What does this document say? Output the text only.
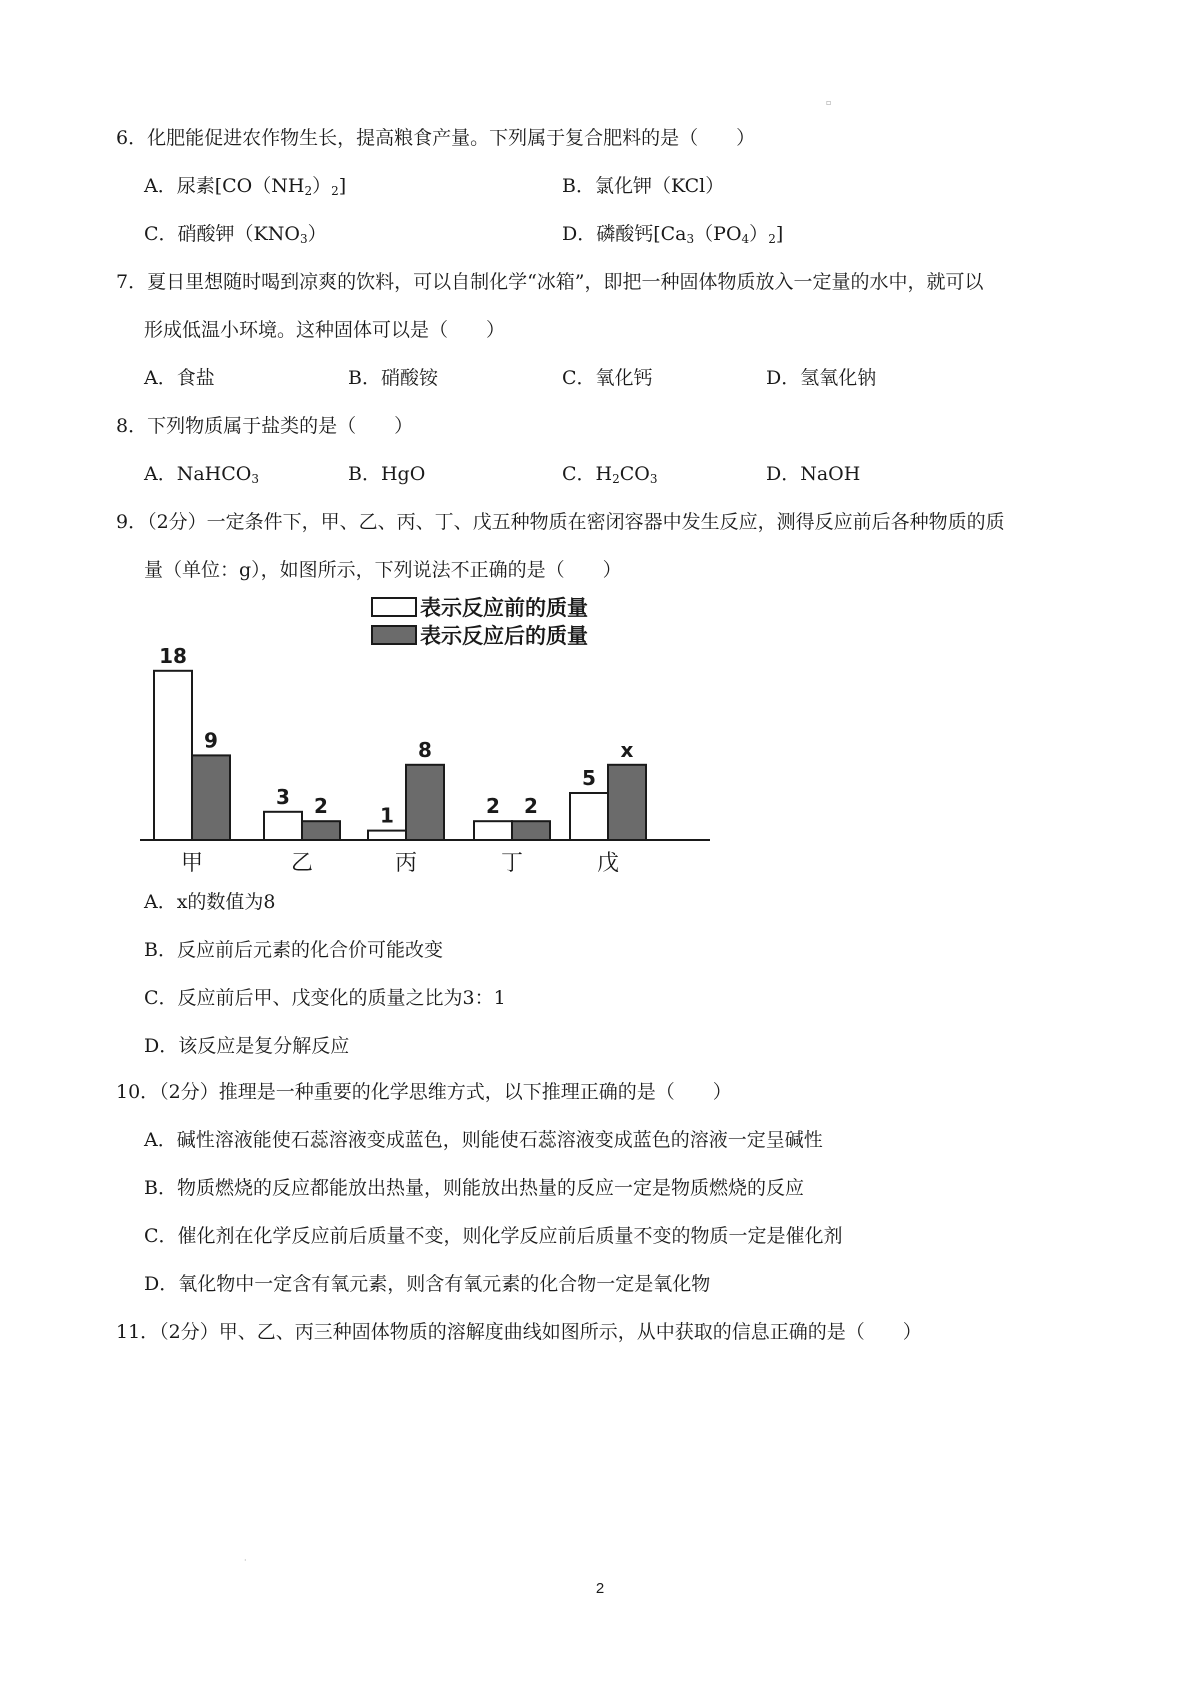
▫
6．化肥能促进农作物生长，提高粮食产量。下列属于复合肥料的是（　　）
A．尿素$[CO(NH_2)_2]$	B．氯化钾（KCl）
C．硝酸钾$(KNO_3)$	D．磷酸钙$[Ca_3(PO_4)_2]$
7．夏日里想随时喝到凉爽的饮料，可以自制化学“冰箱”，即把一种固体物质放入一定量的水中，就可以
形成低温小环境。这种固体可以是（　　）
A．食盐	B．硝酸铵	C．氧化钙	D．氢氧化钠
8．下列物质属于盐类的是（　　）
A．NaHCO$_3$	B．HgO	C．$H_2CO_3$	D．NaOH
9．（2分）一定条件下，甲、乙、丙、丁、戊五种物质在密闭容器中发生反应，测得反应前后各种物质的质
量（单位：g），如图所示，下列说法不正确的是（　　）
18
9
3 2	1
8
2 2
5
x
甲	乙	丙	丁	戊
表示反应前的质量
表示反应后的质量
A．x的数值为8
B．反应前后元素的化合价可能改变
C．反应前后甲、戊变化的质量之比为3：1
D．该反应是复分解反应
10．（2分）推理是一种重要的化学思维方式，以下推理正确的是（　　）
A．碱性溶液能使石蕊溶液变成蓝色，则能使石蕊溶液变成蓝色的溶液一定呈碱性
B．物质燃烧的反应都能放出热量，则能放出热量的反应一定是物质燃烧的反应
C．催化剂在化学反应前后质量不变，则化学反应前后质量不变的物质一定是催化剂
D．氧化物中一定含有氧元素，则含有氧元素的化合物一定是氧化物
11．（2分）甲、乙、丙三种固体物质的溶解度曲线如图所示，从中获取的信息正确的是（　　）
·
2
